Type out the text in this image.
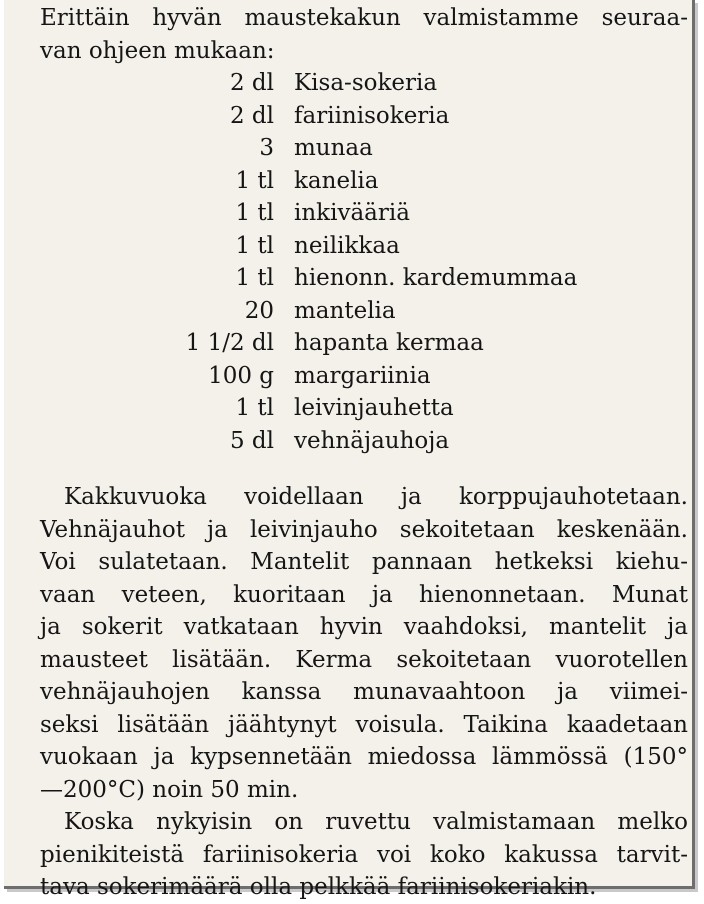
Erittäin hyvän maustekakun valmistamme seuraa-
van ohjeen mukaan:
2 dl Kisa-sokeria
2 dl fariinisokeria
3 munaa
1 tl kanelia
1 tl inkivääriä
1 tl neilikkaa
1 tl hienonn. kardemummaa
20 mantelia
1 1/2 dl hapanta kermaa
100 g margariinia
1 tl leivinjauhetta
5 dl vehnäjauhoja
Kakkuvuoka voidellaan ja korppujauhotetaan.
Vehnäjauhot ja leivinjauho sekoitetaan keskenään.
Voi sulatetaan. Mantelit pannaan hetkeksi kiehu-
vaan veteen, kuoritaan ja hienonnetaan. Munat
ja sokerit vatkataan hyvin vaahdoksi, mantelit ja
mausteet lisätään. Kerma sekoitetaan vuorotellen
vehnäjauhojen kanssa munavaahtoon ja viimei-
seksi lisätään jäähtynyt voisula. Taikina kaadetaan
vuokaan ja kypsennetään miedossa lämmössä (150°
—200°C) noin 50 min.
Koska nykyisin on ruvettu valmistamaan melko
pienikiteistä fariinisokeria voi koko kakussa tarvit-
tava sokerimäärä olla pelkkää fariinisokeriakin.
